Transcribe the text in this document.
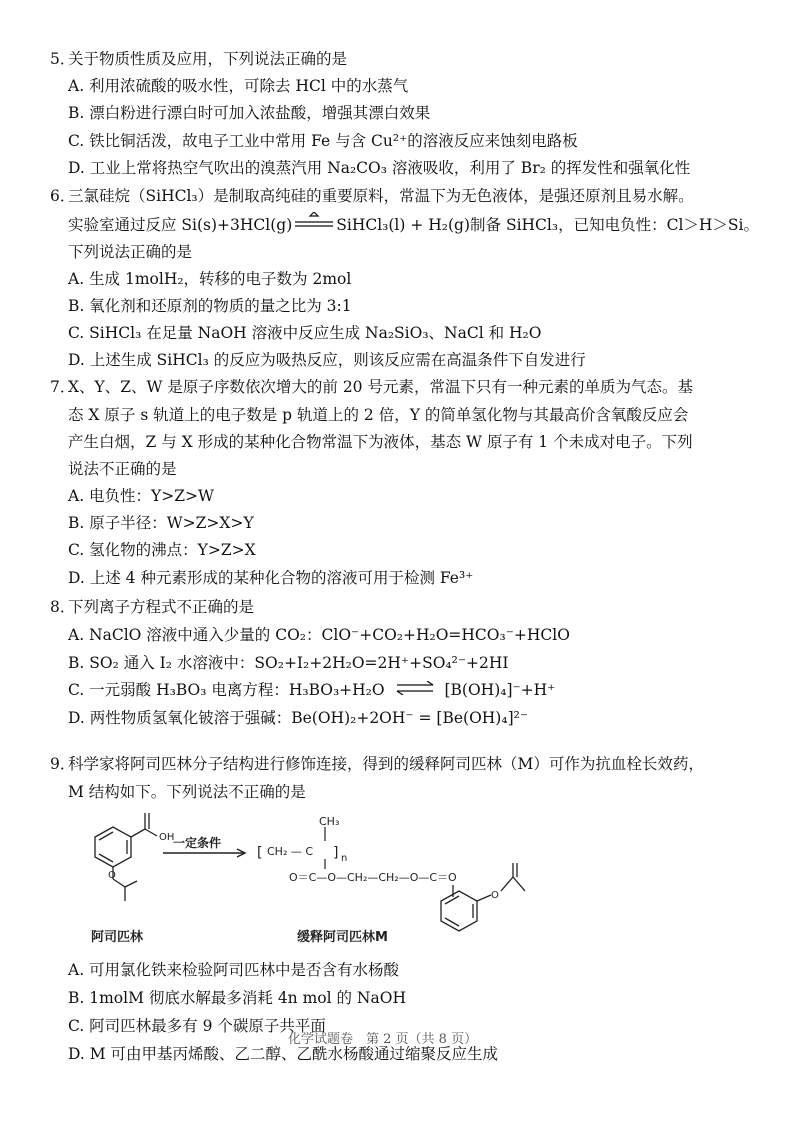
5．
关于物质性质及应用，下列说法正确的是
A. 利用浓硫酸的吸水性，可除去 HCl 中的水蒸气
B. 漂白粉进行漂白时可加入浓盐酸，增强其漂白效果
C. 铁比铜活泼，故电子工业中常用 Fe 与含 Cu²⁺的溶液反应来蚀刻电路板
D. 工业上常将热空气吹出的溴蒸汽用 Na₂CO₃ 溶液吸收，利用了 Br₂ 的挥发性和强氧化性
6．
三氯硅烷（SiHCl₃）是制取高纯硅的重要原料，常温下为无色液体，是强还原剂且易水解。
实验室通过反应 Si(s)+3HCl(g)	SiHCl₃(l) + H₂(g)制备 SiHCl₃，已知电负性：Cl＞H＞Si。
下列说法正确的是
A. 生成 1molH₂，转移的电子数为 2mol
B. 氧化剂和还原剂的物质的量之比为 3:1
C. SiHCl₃ 在足量 NaOH 溶液中反应生成 Na₂SiO₃、NaCl 和 H₂O
D. 上述生成 SiHCl₃ 的反应为吸热反应，则该反应需在高温条件下自发进行
7．
X、Y、Z、W 是原子序数依次增大的前 20 号元素，常温下只有一种元素的单质为气态。基
态 X 原子 s 轨道上的电子数是 p 轨道上的 2 倍，Y 的简单氢化物与其最高价含氧酸反应会
产生白烟，Z 与 X 形成的某种化合物常温下为液体，基态 W 原子有 1 个未成对电子。下列
说法不正确的是
A. 电负性：Y>Z>W
B. 原子半径：W>Z>X>Y
C. 氢化物的沸点：Y>Z>X
D. 上述 4 种元素形成的某种化合物的溶液可用于检测 Fe³⁺
8．
下列离子方程式不正确的是
A. NaClO 溶液中通入少量的 CO₂：ClO⁻+CO₂+H₂O=HCO₃⁻+HClO
B. SO₂ 通入 I₂ 水溶液中：SO₂+I₂+2H₂O=2H⁺+SO₄²⁻+2HI
C. 一元弱酸 H₃BO₃ 电离方程：H₃BO₃+H₂O ⇌ [B(OH)₄]⁻+H⁺
D. 两性物质氢氧化铍溶于强碱：Be(OH)₂+2OH⁻ = [Be(OH)₄]²⁻
9．
科学家将阿司匹林分子结构进行修饰连接，得到的缓释阿司匹林（M）可作为抗血栓长效药，
M 结构如下。下列说法不正确的是
OH
O
一定条件
CH₃
[ CH₂ — C ] n
O＝C—O—CH₂—CH₂—O—C＝O
O
阿司匹林	缓释阿司匹林M
A. 可用氯化铁来检验阿司匹林中是否含有水杨酸
B. 1molM 彻底水解最多消耗 4n mol 的 NaOH
C. 阿司匹林最多有 9 个碳原子共平面
D. M 可由甲基丙烯酸、乙二醇、乙酰水杨酸通过缩聚反应生成
化学试题卷　第 2 页（共 8 页）
